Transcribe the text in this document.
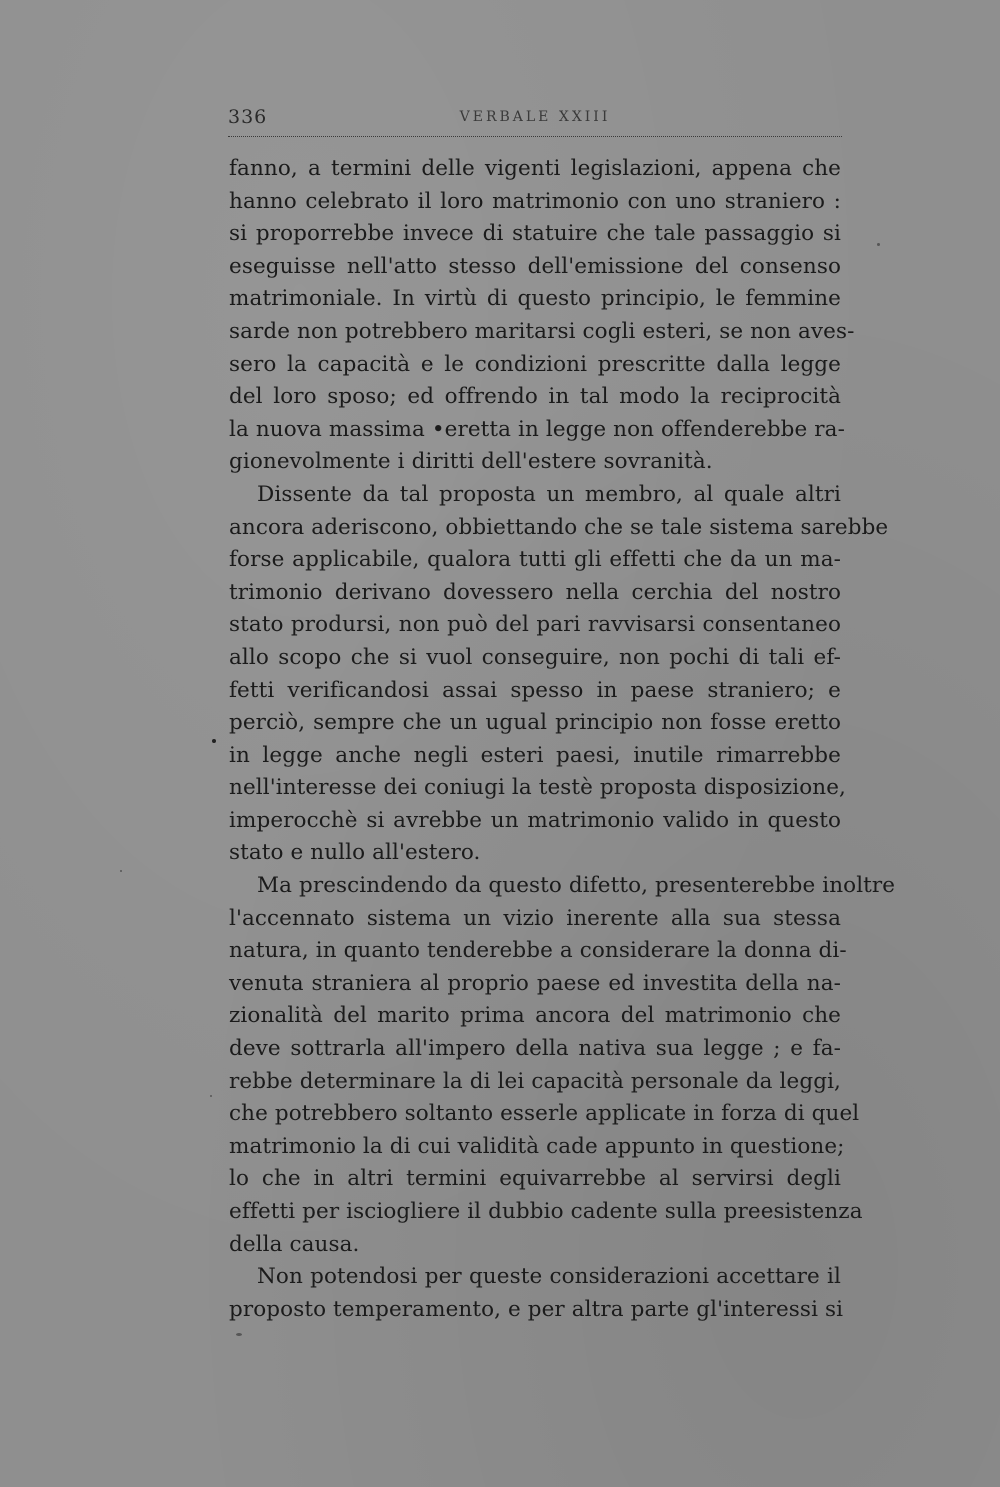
336	VERBALE XXIII
fanno, a termini delle vigenti legislazioni, appena che
hanno celebrato il loro matrimonio con uno straniero :
si proporrebbe invece di statuire che tale passaggio si
eseguisse nell'atto stesso dell'emissione del consenso
matrimoniale. In virtù di questo principio, le femmine
sarde non potrebbero maritarsi cogli esteri, se non aves-
sero la capacità e le condizioni prescritte dalla legge
del loro sposo; ed offrendo in tal modo la reciprocità
la nuova massima •eretta in legge non offenderebbe ra-
gionevolmente i diritti dell'estere sovranità.
Dissente da tal proposta un membro, al quale altri
ancora aderiscono, obbiettando che se tale sistema sarebbe
forse applicabile, qualora tutti gli effetti che da un ma-
trimonio derivano dovessero nella cerchia del nostro
stato prodursi, non può del pari ravvisarsi consentaneo
allo scopo che si vuol conseguire, non pochi di tali ef-
fetti verificandosi assai spesso in paese straniero; e
perciò, sempre che un ugual principio non fosse eretto
in legge anche negli esteri paesi, inutile rimarrebbe
nell'interesse dei coniugi la testè proposta disposizione,
imperocchè si avrebbe un matrimonio valido in questo
stato e nullo all'estero.
Ma prescindendo da questo difetto, presenterebbe inoltre
l'accennato sistema un vizio inerente alla sua stessa
natura, in quanto tenderebbe a considerare la donna di-
venuta straniera al proprio paese ed investita della na-
zionalità del marito prima ancora del matrimonio che
deve sottrarla all'impero della nativa sua legge ; e fa-
rebbe determinare la di lei capacità personale da leggi,
che potrebbero soltanto esserle applicate in forza di quel
matrimonio la di cui validità cade appunto in questione;
lo che in altri termini equivarrebbe al servirsi degli
effetti per isciogliere il dubbio cadente sulla preesistenza
della causa.
Non potendosi per queste considerazioni accettare il
proposto temperamento, e per altra parte gl'interessi si
